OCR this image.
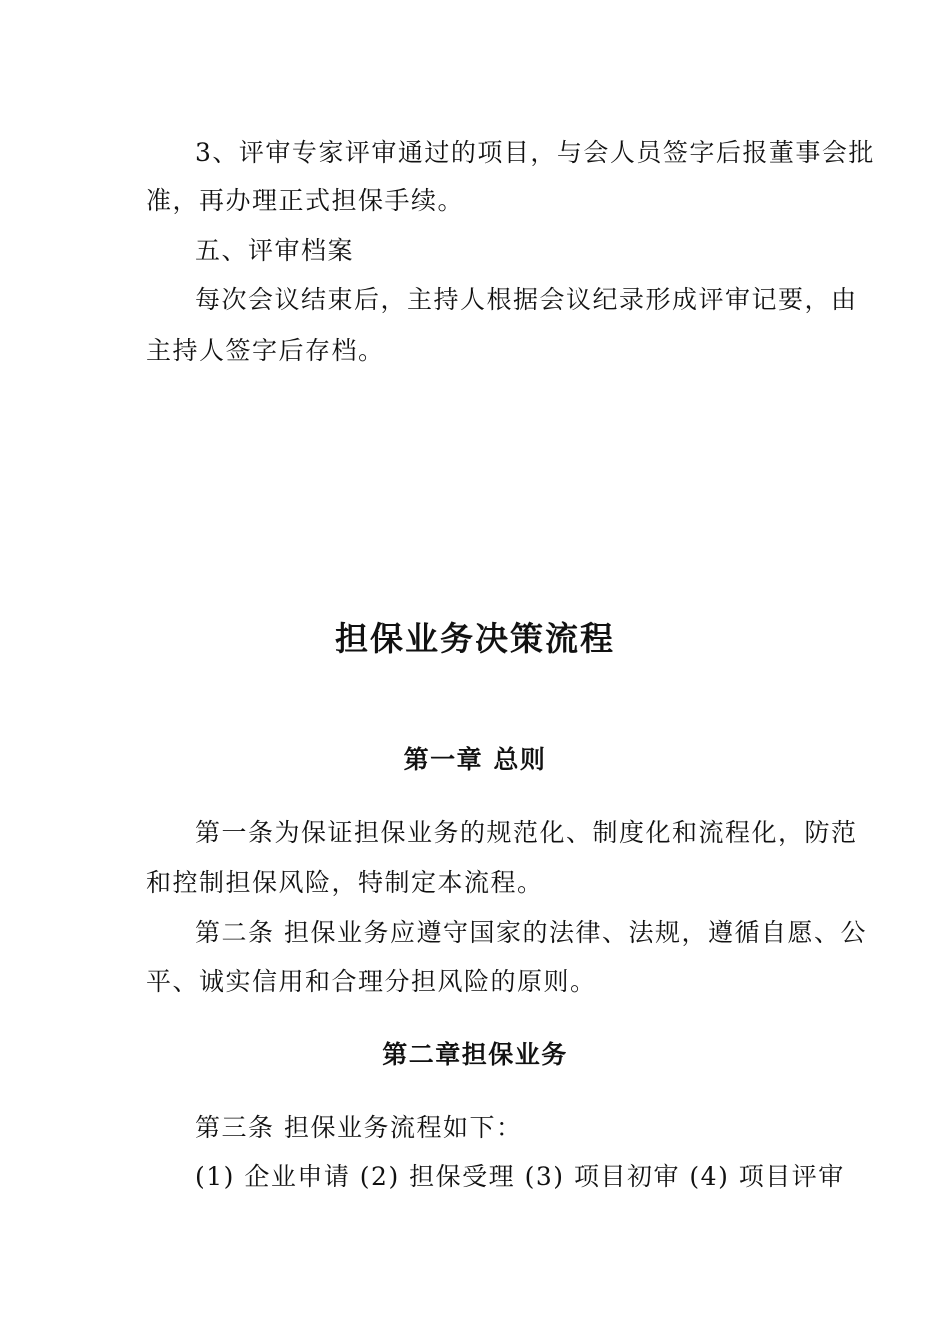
3、评审专家评审通过的项目，与会人员签字后报董事会批
准，再办理正式担保手续。
五、评审档案
每次会议结束后，主持人根据会议纪录形成评审记要，由
主持人签字后存档。
担保业务决策流程
第一章 总则
第一条为保证担保业务的规范化、制度化和流程化，防范
和控制担保风险，特制定本流程。
第二条 担保业务应遵守国家的法律、法规，遵循自愿、公
平、诚实信用和合理分担风险的原则。
第二章担保业务
第三条 担保业务流程如下：
(1) 企业申请 (2) 担保受理 (3) 项目初审 (4) 项目评审
